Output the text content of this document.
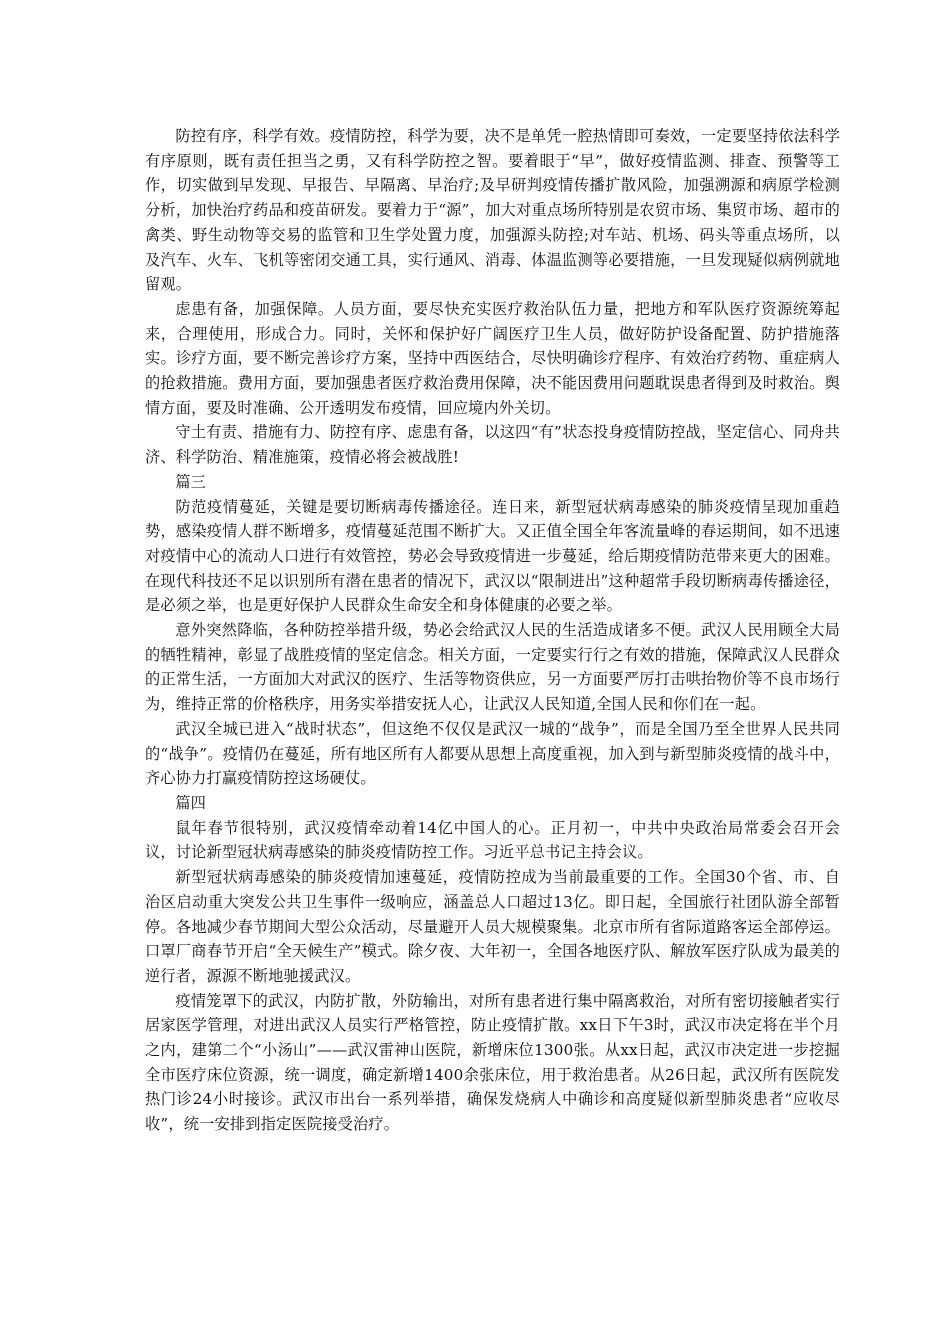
防控有序，科学有效。疫情防控，科学为要，决不是单凭一腔热情即可奏效，一定要坚持依法科学有序原则，既有责任担当之勇，又有科学防控之智。要着眼于“早”，做好疫情监测、排查、预警等工作，切实做到早发现、早报告、早隔离、早治疗;及早研判疫情传播扩散风险，加强溯源和病原学检测分析，加快治疗药品和疫苗研发。要着力于“源”，加大对重点场所特别是农贸市场、集贸市场、超市的禽类、野生动物等交易的监管和卫生学处置力度，加强源头防控;对车站、机场、码头等重点场所，以及汽车、火车、飞机等密闭交通工具，实行通风、消毒、体温监测等必要措施，一旦发现疑似病例就地留观。

虑患有备，加强保障。人员方面，要尽快充实医疗救治队伍力量，把地方和军队医疗资源统筹起来，合理使用，形成合力。同时，关怀和保护好广阔医疗卫生人员，做好防护设备配置、防护措施落实。诊疗方面，要不断完善诊疗方案，坚持中西医结合，尽快明确诊疗程序、有效治疗药物、重症病人的抢救措施。费用方面，要加强患者医疗救治费用保障，决不能因费用问题耽误患者得到及时救治。舆情方面，要及时准确、公开透明发布疫情，回应境内外关切。

守土有责、措施有力、防控有序、虑患有备，以这四“有”状态投身疫情防控战，坚定信心、同舟共济、科学防治、精准施策，疫情必将会被战胜!

篇三

防范疫情蔓延，关键是要切断病毒传播途径。连日来，新型冠状病毒感染的肺炎疫情呈现加重趋势，感染疫情人群不断增多，疫情蔓延范围不断扩大。又正值全国全年客流量峰的春运期间，如不迅速对疫情中心的流动人口进行有效管控，势必会导致疫情进一步蔓延，给后期疫情防范带来更大的困难。在现代科技还不足以识别所有潜在患者的情况下，武汉以“限制进出”这种超常手段切断病毒传播途径，是必须之举，也是更好保护人民群众生命安全和身体健康的必要之举。

意外突然降临，各种防控举措升级，势必会给武汉人民的生活造成诸多不便。武汉人民用顾全大局的牺牲精神，彰显了战胜疫情的坚定信念。相关方面，一定要实行行之有效的措施，保障武汉人民群众的正常生活，一方面加大对武汉的医疗、生活等物资供应，另一方面要严厉打击哄抬物价等不良市场行为，维持正常的价格秩序，用务实举措安抚人心，让武汉人民知道,全国人民和你们在一起。

武汉全城已进入“战时状态”，但这绝不仅仅是武汉一城的“战争”，而是全国乃至全世界人民共同的“战争”。疫情仍在蔓延，所有地区所有人都要从思想上高度重视，加入到与新型肺炎疫情的战斗中，齐心协力打赢疫情防控这场硬仗。

篇四

鼠年春节很特别，武汉疫情牵动着14亿中国人的心。正月初一，中共中央政治局常委会召开会议，讨论新型冠状病毒感染的肺炎疫情防控工作。习近平总书记主持会议。

新型冠状病毒感染的肺炎疫情加速蔓延，疫情防控成为当前最重要的工作。全国30个省、市、自治区启动重大突发公共卫生事件一级响应，涵盖总人口超过13亿。即日起，全国旅行社团队游全部暂停。各地减少春节期间大型公众活动，尽量避开人员大规模聚集。北京市所有省际道路客运全部停运。口罩厂商春节开启“全天候生产”模式。除夕夜、大年初一，全国各地医疗队、解放军医疗队成为最美的逆行者，源源不断地驰援武汉。

疫情笼罩下的武汉，内防扩散，外防输出，对所有患者进行集中隔离救治，对所有密切接触者实行居家医学管理，对进出武汉人员实行严格管控，防止疫情扩散。xx日下午3时，武汉市决定将在半个月之内，建第二个“小汤山”——武汉雷神山医院，新增床位1300张。从xx日起，武汉市决定进一步挖掘全市医疗床位资源，统一调度，确定新增1400余张床位，用于救治患者。从26日起，武汉所有医院发热门诊24小时接诊。武汉市出台一系列举措，确保发烧病人中确诊和高度疑似新型肺炎患者“应收尽收”，统一安排到指定医院接受治疗。
